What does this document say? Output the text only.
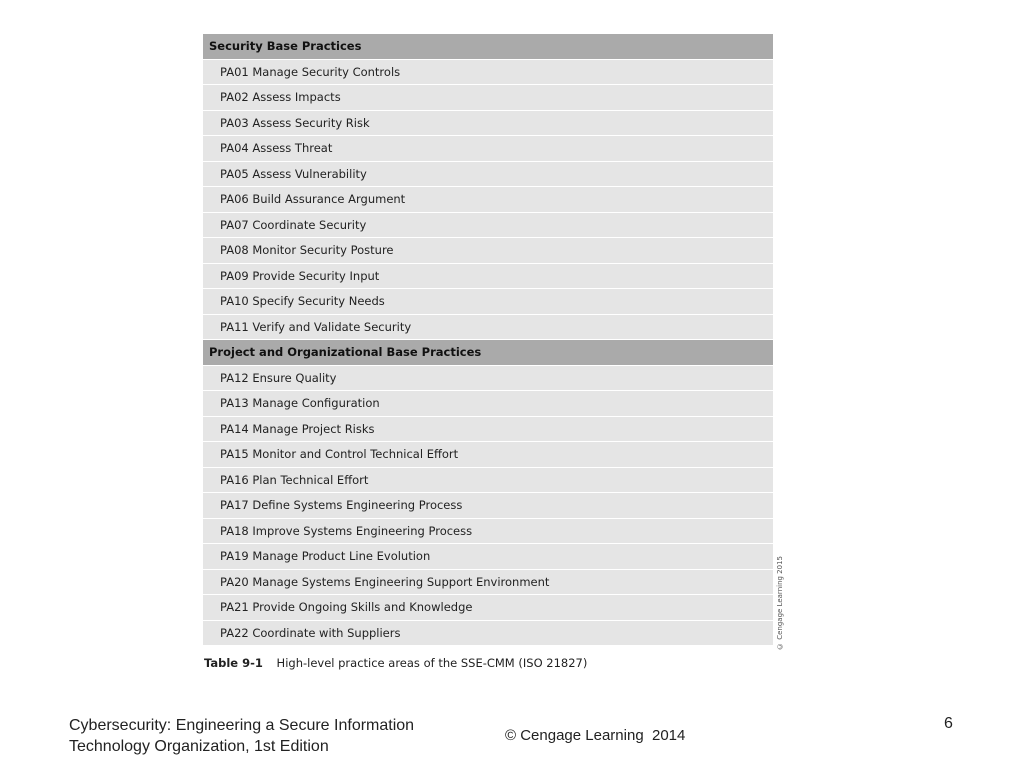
Security Base Practices
PA01 Manage Security Controls
PA02 Assess Impacts
PA03 Assess Security Risk
PA04 Assess Threat
PA05 Assess Vulnerability
PA06 Build Assurance Argument
PA07 Coordinate Security
PA08 Monitor Security Posture
PA09 Provide Security Input
PA10 Specify Security Needs
PA11 Verify and Validate Security
Project and Organizational Base Practices
PA12 Ensure Quality
PA13 Manage Configuration
PA14 Manage Project Risks
PA15 Monitor and Control Technical Effort
PA16 Plan Technical Effort
PA17 Define Systems Engineering Process
PA18 Improve Systems Engineering Process
PA19 Manage Product Line Evolution
PA20 Manage Systems Engineering Support Environment
PA21 Provide Ongoing Skills and Knowledge
PA22 Coordinate with Suppliers	© Cengage Learning 2015
Table 9-1 High-level practice areas of the SSE-CMM (ISO 21827)
Cybersecurity: Engineering a Secure Information
Technology Organization, 1st Edition
© Cengage Learning  2014
6
